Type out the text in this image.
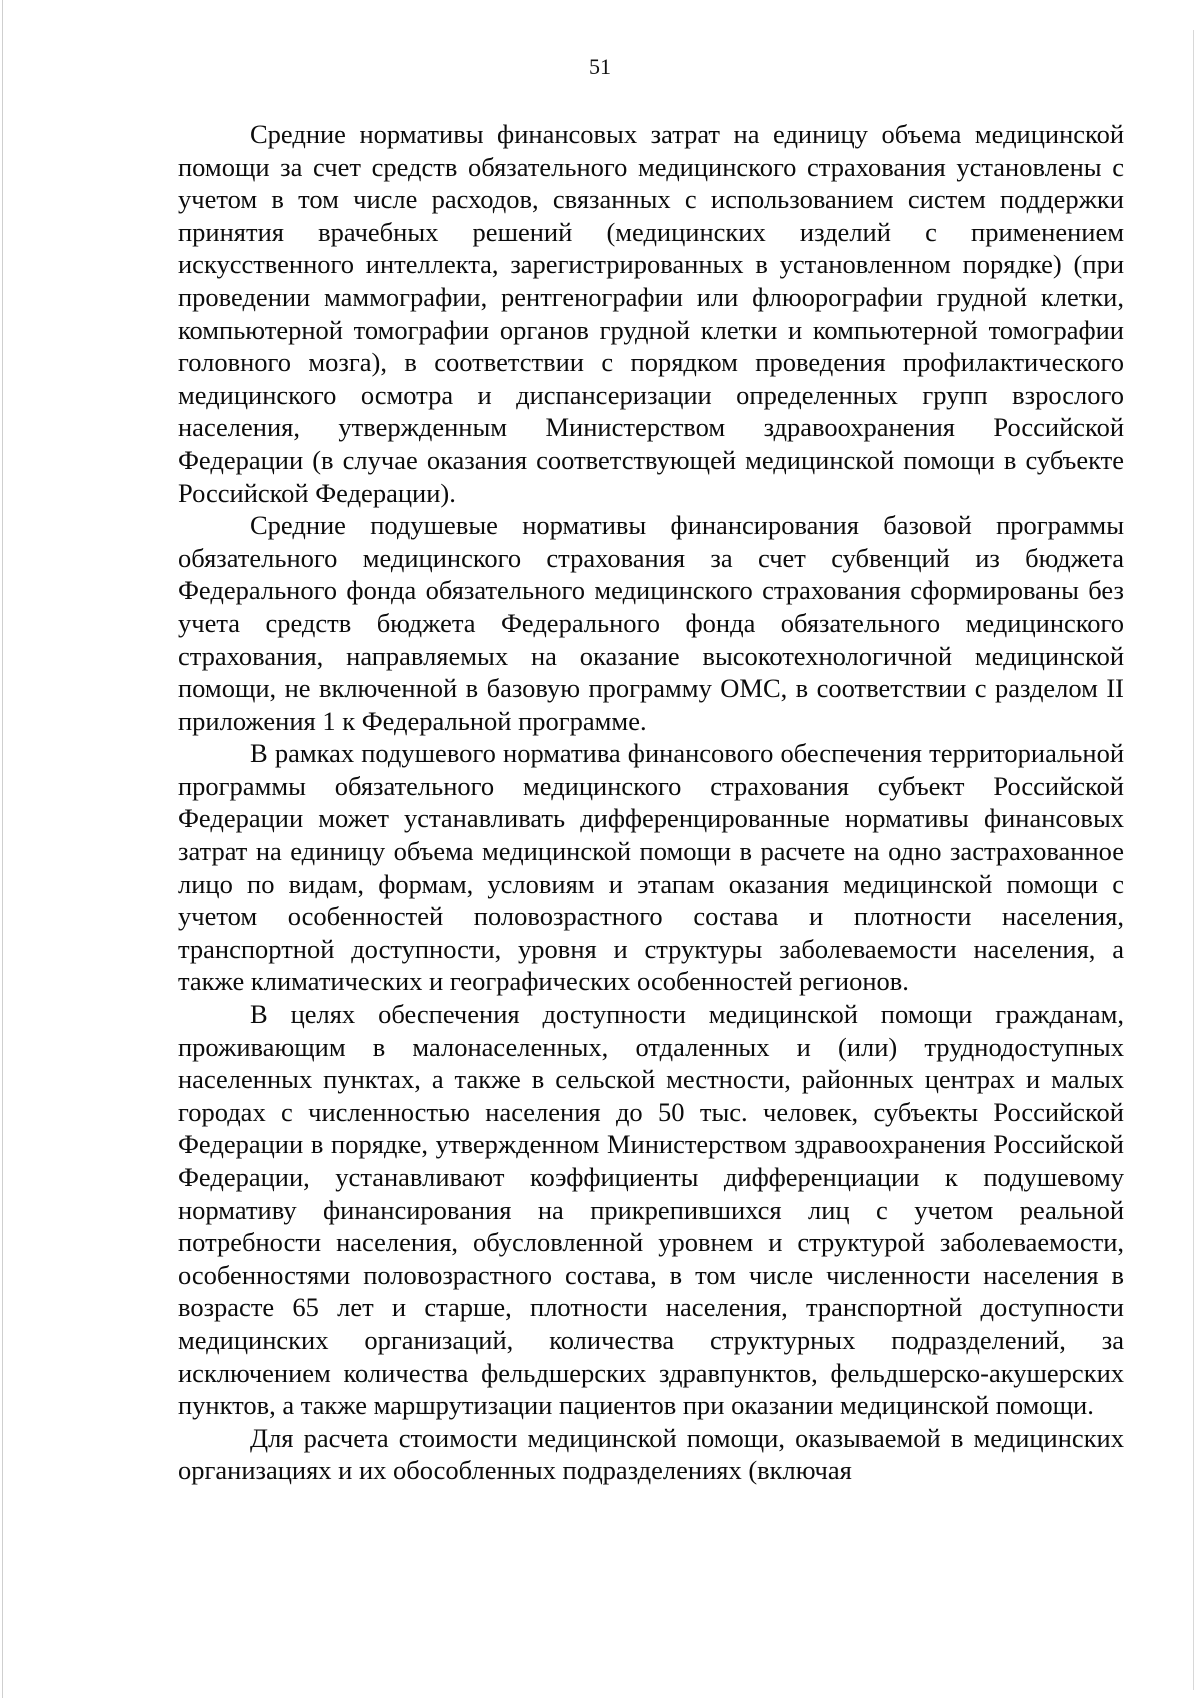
51

Средние нормативы финансовых затрат на единицу объема медицинской помощи за счет средств обязательного медицинского страхования установлены с учетом в том числе расходов, связанных с использованием систем поддержки принятия врачебных решений (медицинских изделий с применением искусственного интеллекта, зарегистрированных в установленном порядке) (при проведении маммографии, рентгенографии или флюорографии грудной клетки, компьютерной томографии органов грудной клетки и компьютерной томографии головного мозга), в соответствии с порядком проведения профилактического медицинского осмотра и диспансеризации определенных групп взрослого населения, утвержденным Министерством здравоохранения Российской Федерации (в случае оказания соответствующей медицинской помощи в субъекте Российской Федерации).

Средние подушевые нормативы финансирования базовой программы обязательного медицинского страхования за счет субвенций из бюджета Федерального фонда обязательного медицинского страхования сформированы без учета средств бюджета Федерального фонда обязательного медицинского страхования, направляемых на оказание высокотехнологичной медицинской помощи, не включенной в базовую программу ОМС, в соответствии с разделом II приложения 1 к Федеральной программе.

В рамках подушевого норматива финансового обеспечения территориальной программы обязательного медицинского страхования субъект Российской Федерации может устанавливать дифференцированные нормативы финансовых затрат на единицу объема медицинской помощи в расчете на одно застрахованное лицо по видам, формам, условиям и этапам оказания медицинской помощи с учетом особенностей половозрастного состава и плотности населения, транспортной доступности, уровня и структуры заболеваемости населения, а также климатических и географических особенностей регионов.

В целях обеспечения доступности медицинской помощи гражданам, проживающим в малонаселенных, отдаленных и (или) труднодоступных населенных пунктах, а также в сельской местности, районных центрах и малых городах с численностью населения до 50 тыс. человек, субъекты Российской Федерации в порядке, утвержденном Министерством здравоохранения Российской Федерации, устанавливают коэффициенты дифференциации к подушевому нормативу финансирования на прикрепившихся лиц с учетом реальной потребности населения, обусловленной уровнем и структурой заболеваемости, особенностями половозрастного состава, в том числе численности населения в возрасте 65 лет и старше, плотности населения, транспортной доступности медицинских организаций, количества структурных подразделений, за исключением количества фельдшерских здравпунктов, фельдшерско-акушерских пунктов, а также маршрутизации пациентов при оказании медицинской помощи.

Для расчета стоимости медицинской помощи, оказываемой в медицинских организациях и их обособленных подразделениях (включая
